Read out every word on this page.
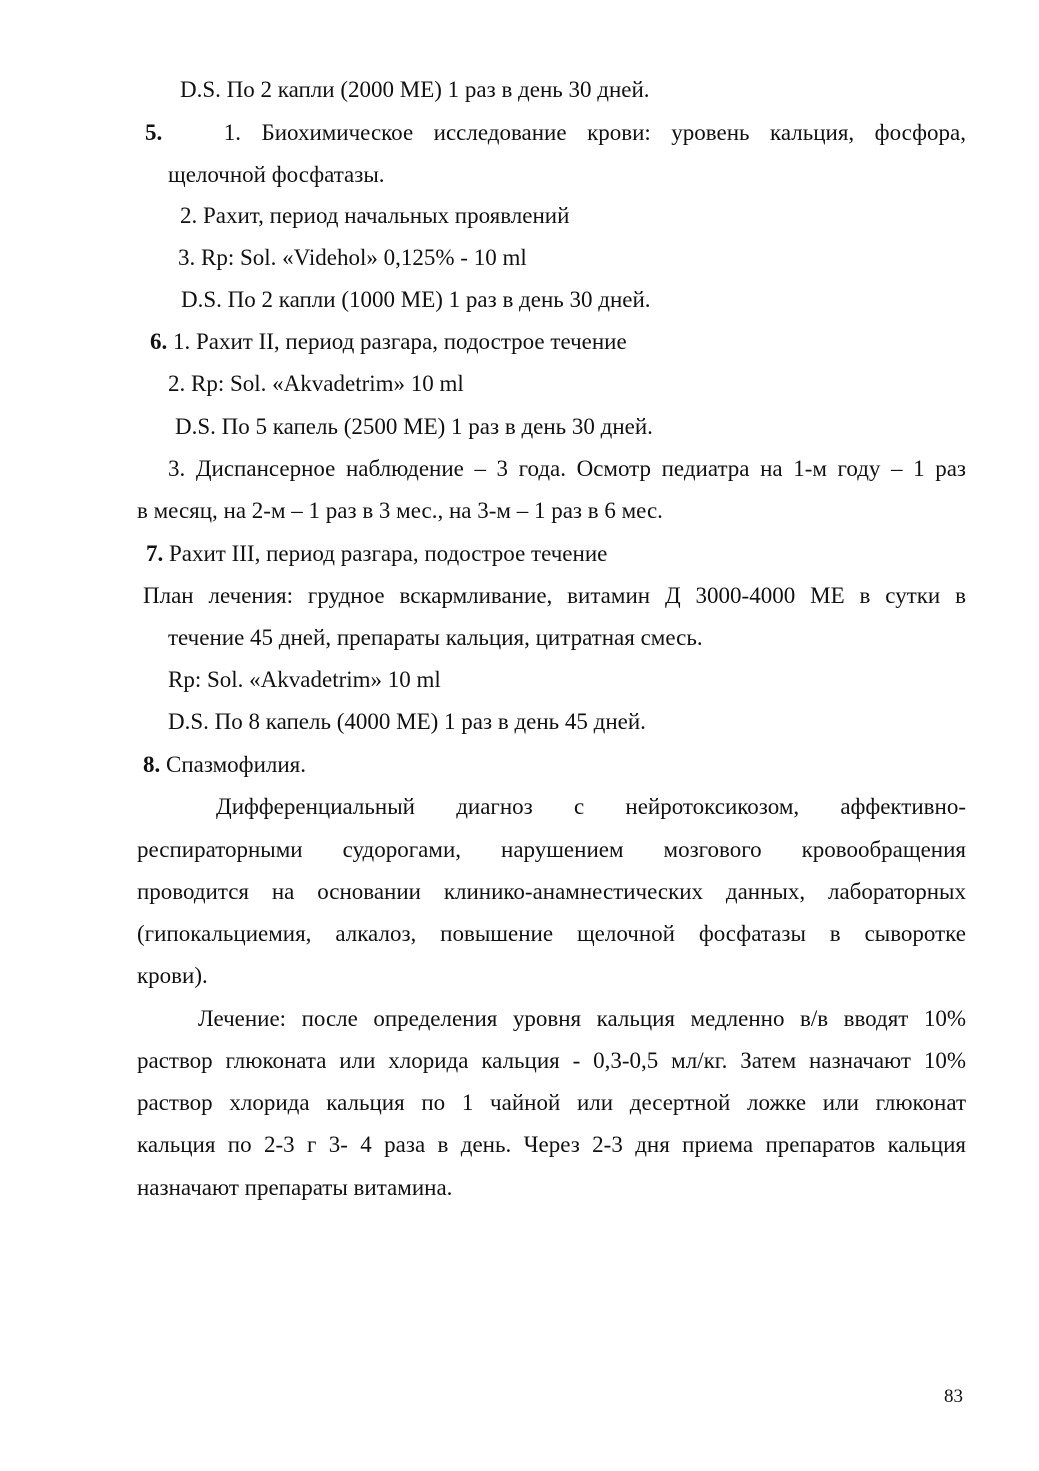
D.S. По 2 капли (2000 МЕ) 1 раз в день 30 дней.
5.	1. Биохимическое исследование крови: уровень кальция, фосфора,
щелочной фосфатазы.
2. Рахит, период начальных проявлений
3. Rp: Sol. «Videhol» 0,125% - 10 ml
D.S. По 2 капли (1000 МЕ) 1 раз в день 30 дней.
6. 1. Рахит II, период разгара, подострое течение
2. Rp: Sol. «Akvadetrim» 10 ml
D.S. По 5 капель (2500 МЕ) 1 раз в день 30 дней.
3. Диспансерное наблюдение – 3 года. Осмотр педиатра на 1-м году – 1 раз
в месяц, на 2-м – 1 раз в 3 мес., на 3-м – 1 раз в 6 мес.
7. Рахит III, период разгара, подострое течение
План лечения: грудное вскармливание, витамин Д 3000-4000 МЕ в сутки в
течение 45 дней, препараты кальция, цитратная смесь.
Rp: Sol. «Akvadetrim» 10 ml
D.S. По 8 капель (4000 МЕ) 1 раз в день 45 дней.
8. Спазмофилия.
Дифференциальный диагноз с нейротоксикозом, аффективно-
респираторными судорогами, нарушением мозгового кровообращения
проводится на основании клинико-анамнестических данных, лабораторных
(гипокальциемия, алкалоз, повышение щелочной фосфатазы в сыворотке
крови).
Лечение: после определения уровня кальция медленно в/в вводят 10%
раствор глюконата или хлорида кальция - 0,3-0,5 мл/кг. Затем назначают 10%
раствор хлорида кальция по 1 чайной или десертной ложке или глюконат
кальция по 2-3 г 3- 4 раза в день. Через 2-3 дня приема препаратов кальция
назначают препараты витамина.
83
